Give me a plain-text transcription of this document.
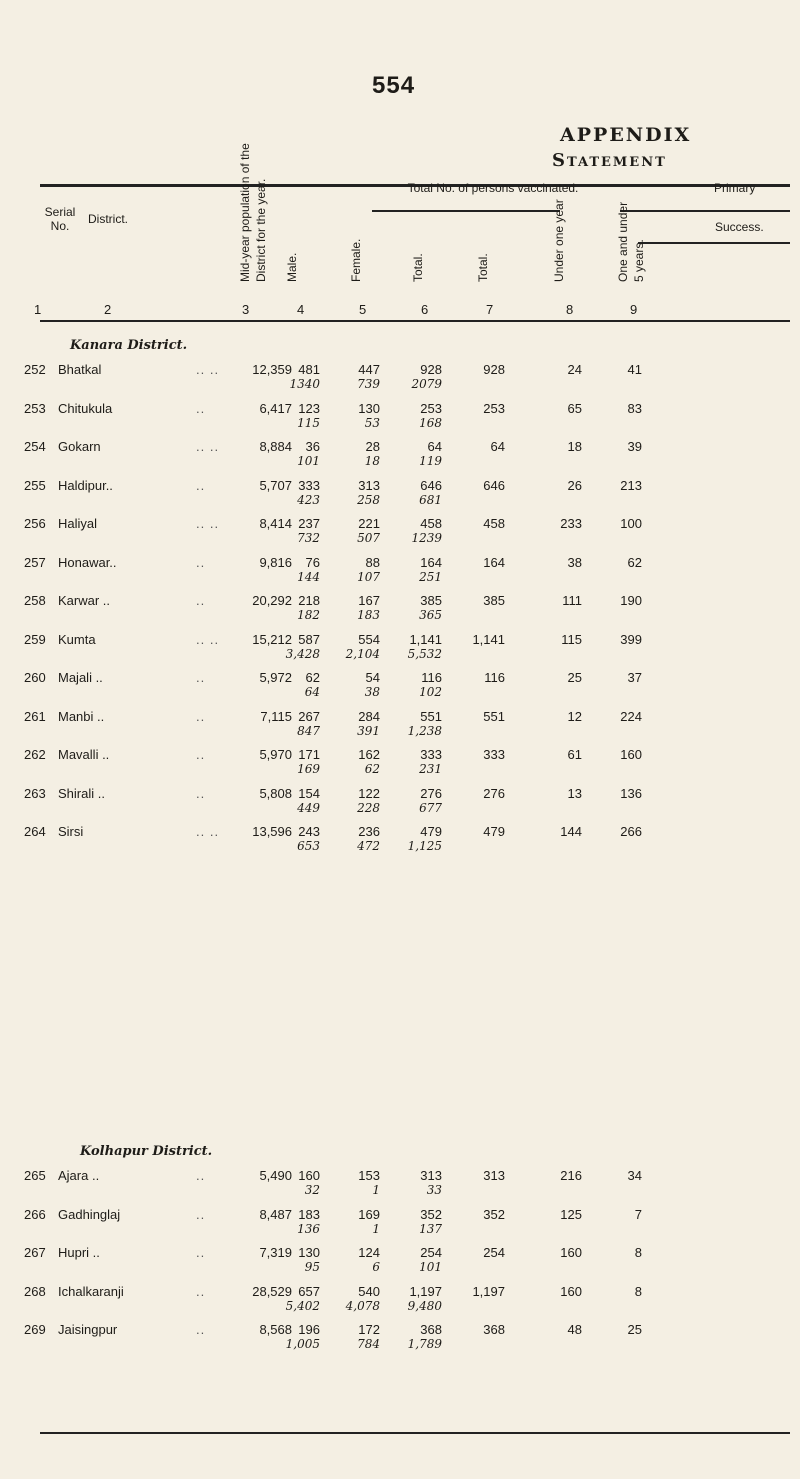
554
APPENDIX
Statement
Serial No.	District.	Mid-year population of the District for the year.	Total No. of persons vaccinated.	Primary
Success.
Male.	Female.	Total.	Total.	Under one year	One and under 5 years.
1	2	3	4	5	6	7	8	9
Kanara District.
252 Bhatkal	.. ..	12,359 481	447	928	928	24	41
1340	739	2079
253 Chitukula	..	6,417 123	130	253	253	65	83
115	53	168
254 Gokarn	.. ..	8,884	36	28	64	64	18	39
101	18	119
255 Haldipur..	..	5,707 333	313	646	646	26	213
423	258	681
256 Haliyal	.. ..	8,414 237	221	458	458	233	100
732	507	1239
257 Honawar..	..	9,816	76	88	164	164	38	62
144	107	251
258 Karwar ..	..	20,292 218	167	385	385	111	190
182	183	365
259 Kumta	.. ..	15,212 587	554	1,141	1,141	115	399
3,428	2,104	5,532
260 Majali ..	..	5,972	62	54	116	116	25	37
64	38	102
261 Manbi ..	..	7,115 267	284	551	551	12	224
847	391	1,238
262 Mavalli ..	..	5,970 171	162	333	333	61	160
169	62	231
263 Shirali ..	..	5,808 154	122	276	276	13	136
449	228	677
264 Sirsi	.. ..	13,596 243	236	479	479	144	266
653	472	1,125
Kolhapur District.
265 Ajara ..	..	5,490 160	153	313	313	216	34
32	1	33
266 Gadhinglaj	..	8,487 183	169	352	352	125	7
136	1	137
267 Hupri ..	..	7,319 130	124	254	254	160	8
95	6	101
268 Ichalkaranji	..	28,529 657	540	1,197	1,197	160	8
5,402	4,078	9,480
269 Jaisingpur	..	8,568 196	172	368	368	48	25
1,005	784	1,789
